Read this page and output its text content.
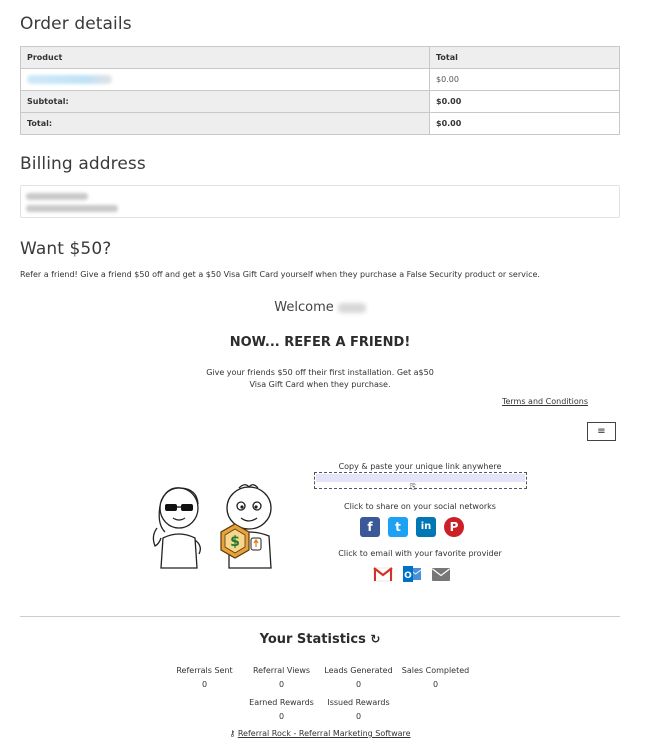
Order details
Product	Total
	$0.00
Subtotal:	$0.00
Total:	$0.00
Billing address
Want $50?

Refer a friend! Give a friend $50 off and get a $50 Visa Gift Card yourself when they purchase a False Security product or service.

Welcome
NOW... REFER A FRIEND!

Give your friends $50 off their first installation. Get a$50
Visa Gift Card when they purchase.

Terms and Conditions
≡
$
Copy & paste your unique link anywhere
⎘
Click to share on your social networks
f	t	in	P
Click to email with your favorite provider
O
Your Statistics ↻
Referrals Sent
0
Referral Views
0
Leads Generated
0
Sales Completed
0
Earned Rewards
0
Issued Rewards
0
⚷ Referral Rock - Referral Marketing Software
